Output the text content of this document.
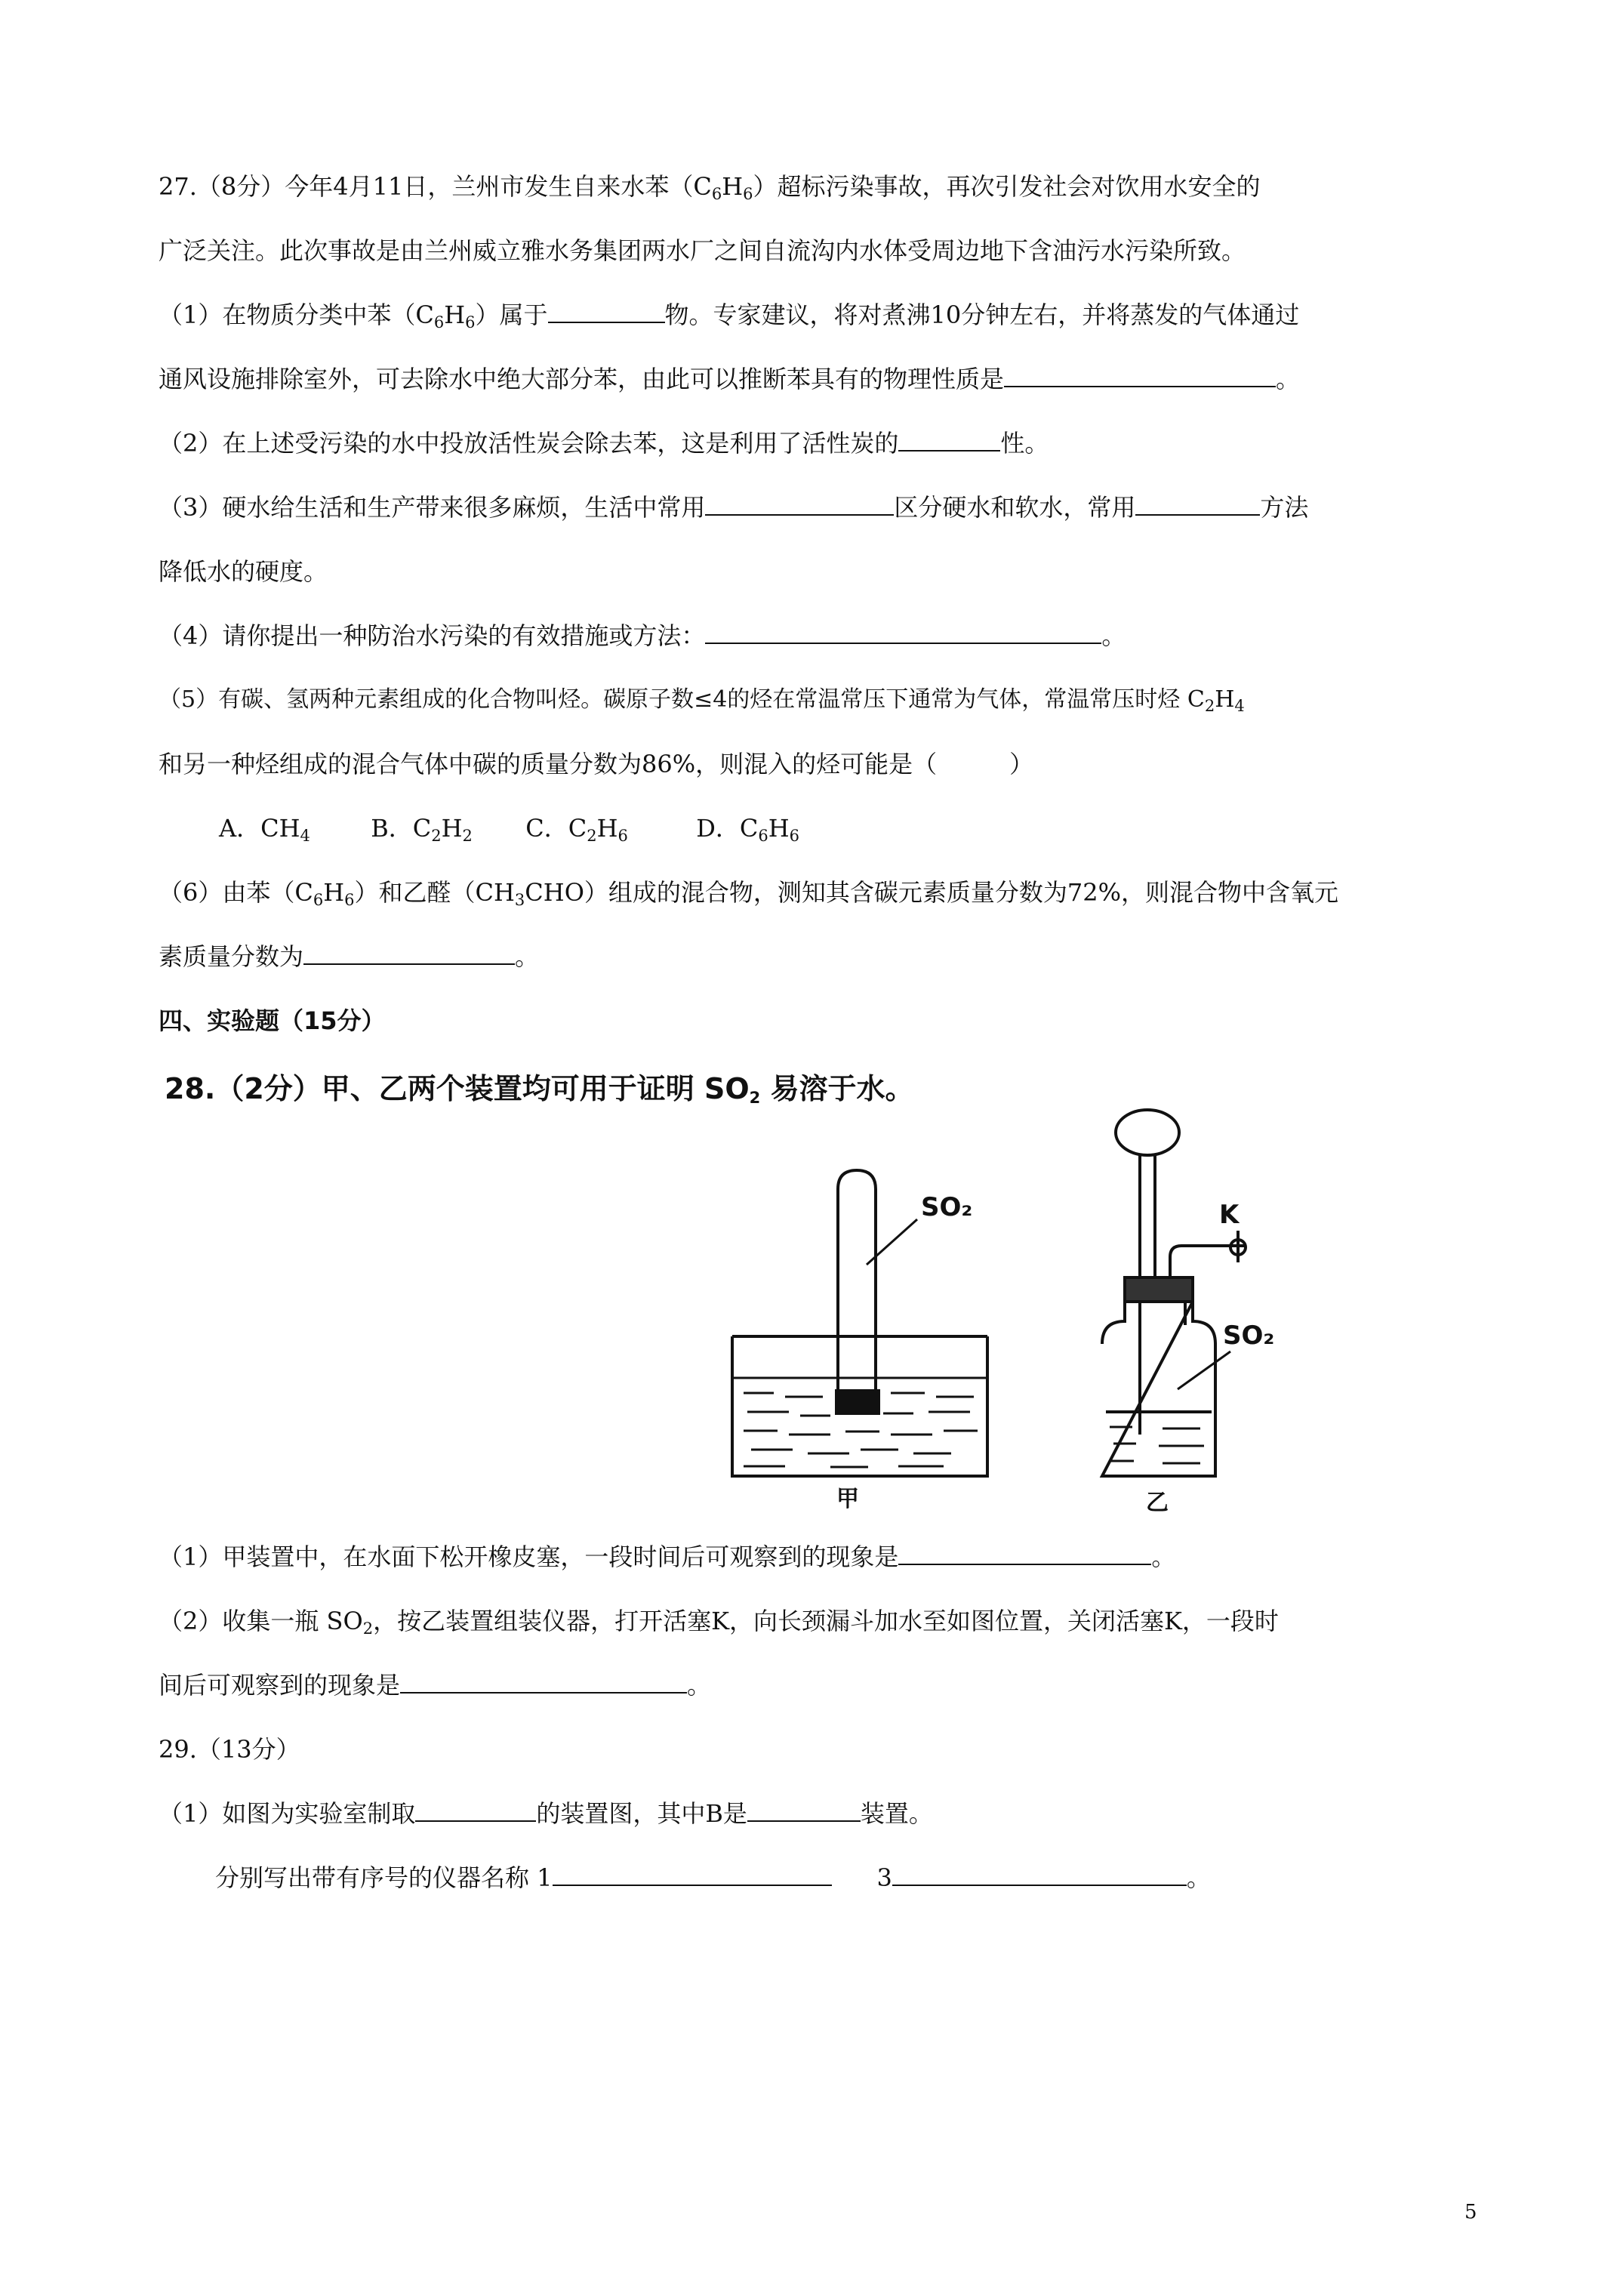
27.（8分）今年4月11日，兰州市发生自来水苯$(C_6H_6)$超标污染事故，再次引发社会对饮用水安全的
广泛关注。此次事故是由兰州威立雅水务集团两水厂之间自流沟内水体受周边地下含油污水污染所致。
（1）在物质分类中苯$(C_6H_6)$属于	物。专家建议，将对煮沸10分钟左右，并将蒸发的气体通过
通风设施排除室外，可去除水中绝大部分苯，由此可以推断苯具有的物理性质是	。
（2）在上述受污染的水中投放活性炭会除去苯，这是利用了活性炭的	性。
（3）硬水给生活和生产带来很多麻烦，生活中常用	区分硬水和软水，常用	方法
降低水的硬度。
（4）请你提出一种防治水污染的有效措施或方法：	。
（5）有碳、氢两种元素组成的化合物叫烃。碳原子数≤4的烃在常温常压下通常为气体，常温常压时烃 $C_2H_4$
和另一种烃组成的混合气体中碳的质量分数为86%，则混入的烃可能是（　　　）
A．$CH_4$	B．$C_2H_2$ C．$C_2H_6$	D．$C_6H_6$
（6）由苯$(C_6H_6)$和乙醛$(CH_3CHO)$组成的混合物，测知其含碳元素质量分数为72%，则混合物中含氧元
素质量分数为	。
四、实验题（15分）
28.（2分）甲、乙两个装置均可用于证明 $SO_2$ 易溶于水。
SO₂
甲
SO₂
K
乙
（1）甲装置中，在水面下松开橡皮塞，一段时间后可观察到的现象是	。
（2）收集一瓶 $SO_2$，按乙装置组装仪器，打开活塞K，向长颈漏斗加水至如图位置，关闭活塞K，一段时
间后可观察到的现象是	。
29.（13分）
（1）如图为实验室制取	的装置图，其中B是	装置。
分别写出带有序号的仪器名称 1	3	。
5
